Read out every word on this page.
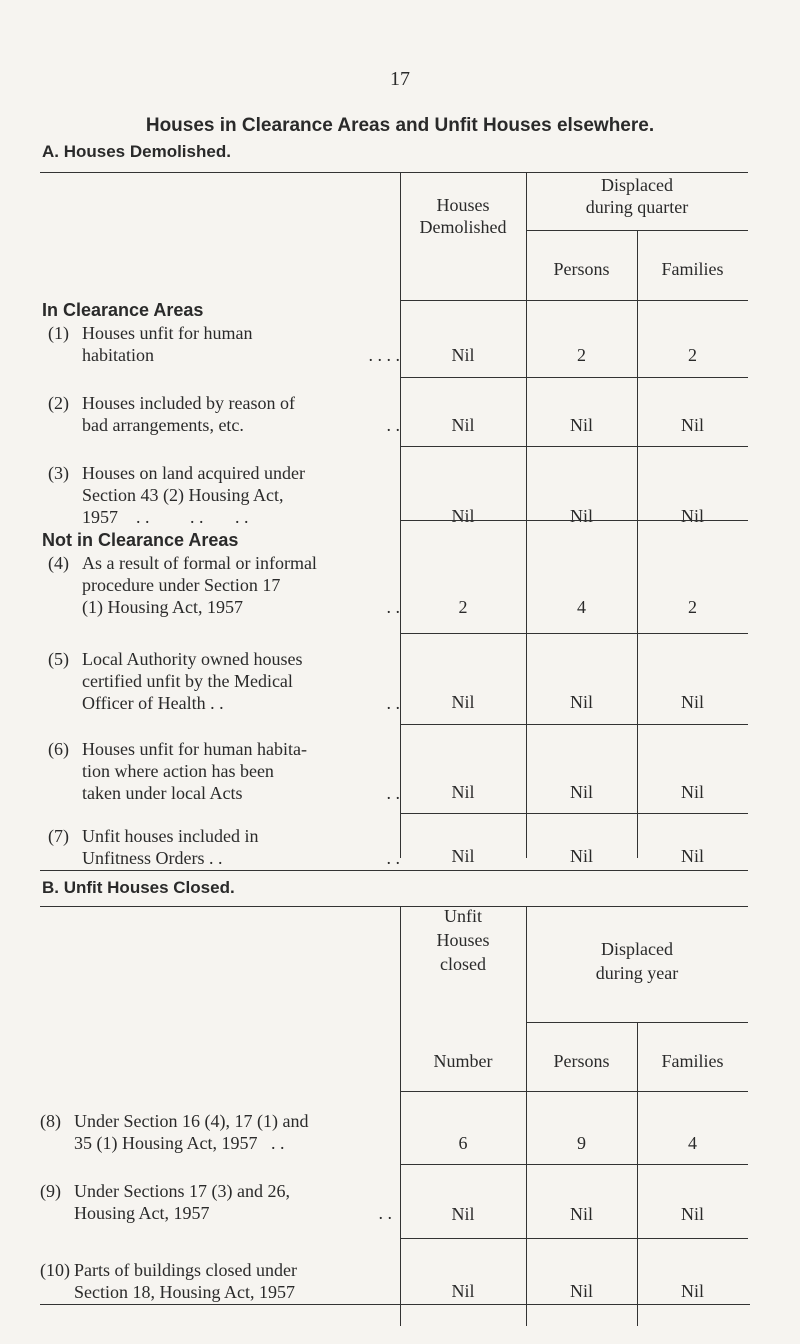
17
Houses in Clearance Areas and Unfit Houses elsewhere.
A. Houses Demolished.
Houses
Demolished
Displaced
during quarter
Persons	Families
In Clearance Areas
(1) Houses unfit for human
habitation	. . . .	Nil	2	2
(2) Houses included by reason of
bad arrangements, etc.	. .	Nil	Nil	Nil
(3) Houses on land acquired under
Section 43 (2) Housing Act,
1957    . .         . .       . .	Nil	Nil	Nil
Not in Clearance Areas
(4) As a result of formal or informal
procedure under Section 17
(1) Housing Act, 1957	. .	2	4	2
(5) Local Authority owned houses
certified unfit by the Medical
Officer of Health . .	. .	Nil	Nil	Nil
(6) Houses unfit for human habita-
tion where action has been
taken under local Acts	. .	Nil	Nil	Nil
(7) Unfit houses included in
Unfitness Orders . .	. .	Nil	Nil	Nil
B. Unfit Houses Closed.
Unfit
Houses
closed
Displaced
during year
Number	Persons	Families
(8) Under Section 16 (4), 17 (1) and
35 (1) Housing Act, 1957   . .	6	9	4
(9) Under Sections 17 (3) and 26,
Housing Act, 1957	. .	Nil	Nil	Nil
(10) Parts of buildings closed under
Section 18, Housing Act, 1957	Nil	Nil	Nil
